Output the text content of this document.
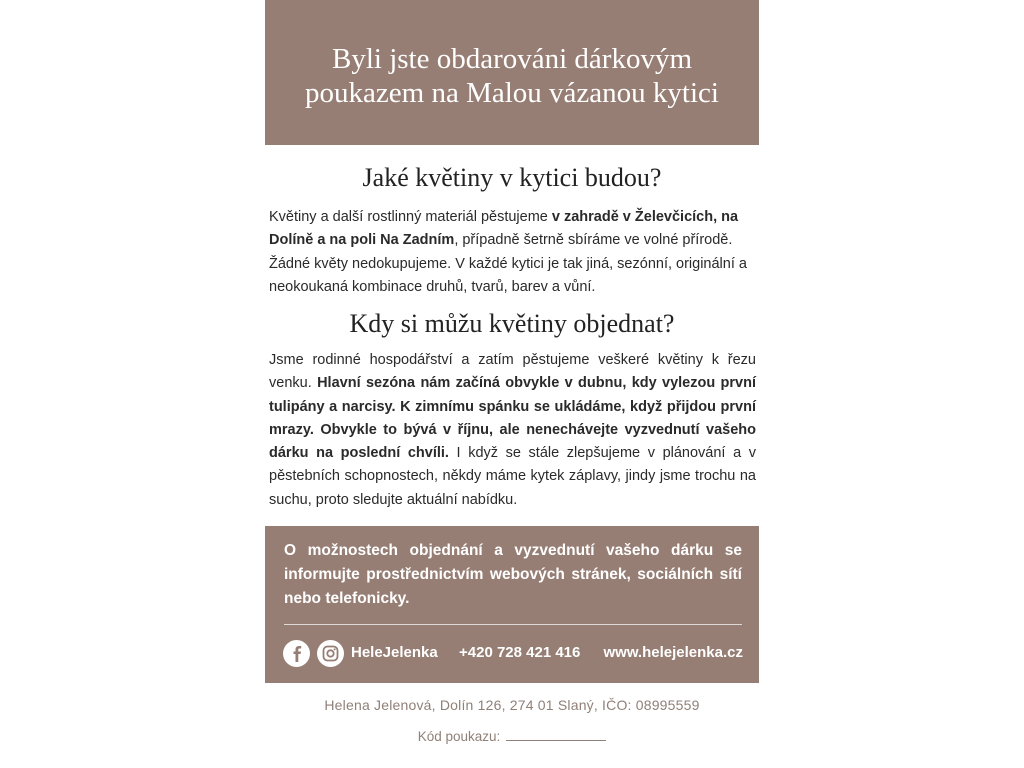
Byli jste obdarováni dárkovým poukazem na Malou vázanou kytici
Jaké květiny v kytici budou?

Květiny a další rostlinný materiál pěstujeme v zahradě v Želevčicích, na Dolíně a na poli Na Zadním, případně šetrně sbíráme ve volné přírodě. Žádné květy nedokupujeme. V každé kytici je tak jiná, sezónní, originální a neokoukaná kombinace druhů, tvarů, barev a vůní.

Kdy si můžu květiny objednat?

Jsme rodinné hospodářství a zatím pěstujeme veškeré květiny k řezu venku. Hlavní sezóna nám začíná obvykle v dubnu, kdy vylezou první tulipány a narcisy. K zimnímu spánku se ukládáme, když přijdou první mrazy. Obvykle to bývá v říjnu, ale nenechávejte vyzvednutí vašeho dárku na poslední chvíli. I když se stále zlepšujeme v plánování a v pěstebních schopnostech, někdy máme kytek záplavy, jindy jsme trochu na suchu, proto sledujte aktuální nabídku.

O možnostech objednání a vyzvednutí vašeho dárku se informujte prostřednictvím webových stránek, sociálních sítí nebo telefonicky.

HeleJelenka +420 728 421 416 www.helejelenka.cz
Helena Jelenová, Dolín 126, 274 01 Slaný, IČO: 08995559
Kód poukazu:
